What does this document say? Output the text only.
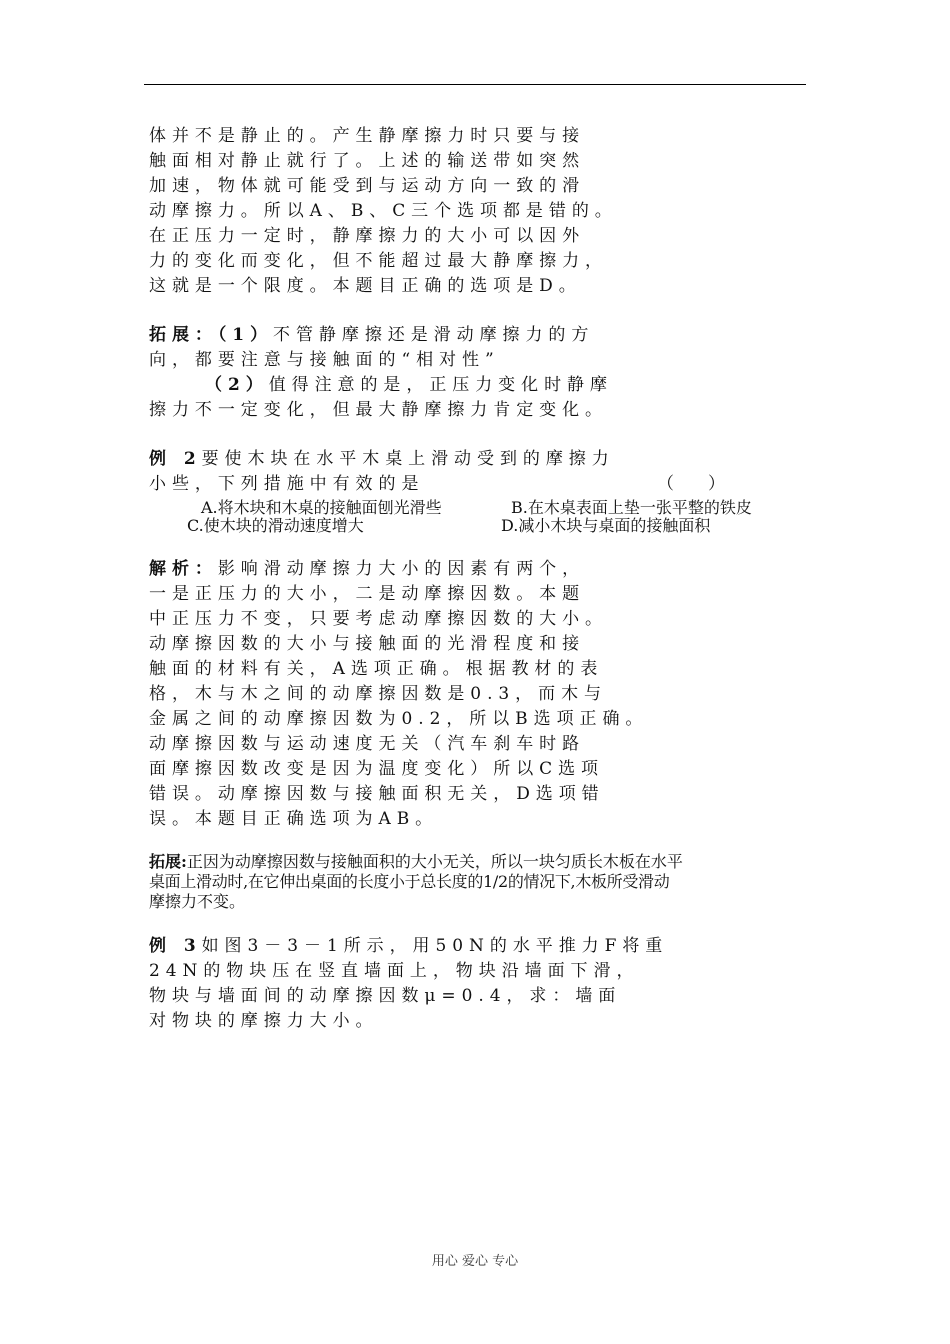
体并不是静止的。产生静摩擦力时只要与接
触面相对静止就行了。上述的输送带如突然
加速，物体就可能受到与运动方向一致的滑
动摩擦力。所以A、B、C三个选项都是错的。
在正压力一定时，静摩擦力的大小可以因外
力的变化而变化，但不能超过最大静摩擦力，
这就是一个限度。本题目正确的选项是D。
拓展：（1）不管静摩擦还是滑动摩擦力的方
向，都要注意与接触面的“相对性”
（2）值得注意的是，正压力变化时静摩
擦力不一定变化，但最大静摩擦力肯定变化。
例 2要使木块在水平木桌上滑动受到的摩擦力
小些，下列措施中有效的是	（　　）
A.将木块和木桌的接触面刨光滑些	B.在木桌表面上垫一张平整的铁皮
C.使木块的滑动速度增大	D.减小木块与桌面的接触面积
解析：影响滑动摩擦力大小的因素有两个，
一是正压力的大小，二是动摩擦因数。本题
中正压力不变，只要考虑动摩擦因数的大小。
动摩擦因数的大小与接触面的光滑程度和接
触面的材料有关，A选项正确。根据教材的表
格，木与木之间的动摩擦因数是0.3，而木与
金属之间的动摩擦因数为0.2，所以B选项正确。
动摩擦因数与运动速度无关（汽车刹车时路
面摩擦因数改变是因为温度变化）所以C选项
错误。动摩擦因数与接触面积无关，D选项错
误。本题目正确选项为AB。
拓展:正因为动摩擦因数与接触面积的大小无关，所以一块匀质长木板在水平
桌面上滑动时,在它伸出桌面的长度小于总长度的1/2的情况下,木板所受滑动
摩擦力不变。
例 3如图3－3－1所示，用50N的水平推力F将重
24N的物块压在竖直墙面上，物块沿墙面下滑，
物块与墙面间的动摩擦因数μ=0.4，求：墙面
对物块的摩擦力大小。
用心 爱心 专心
